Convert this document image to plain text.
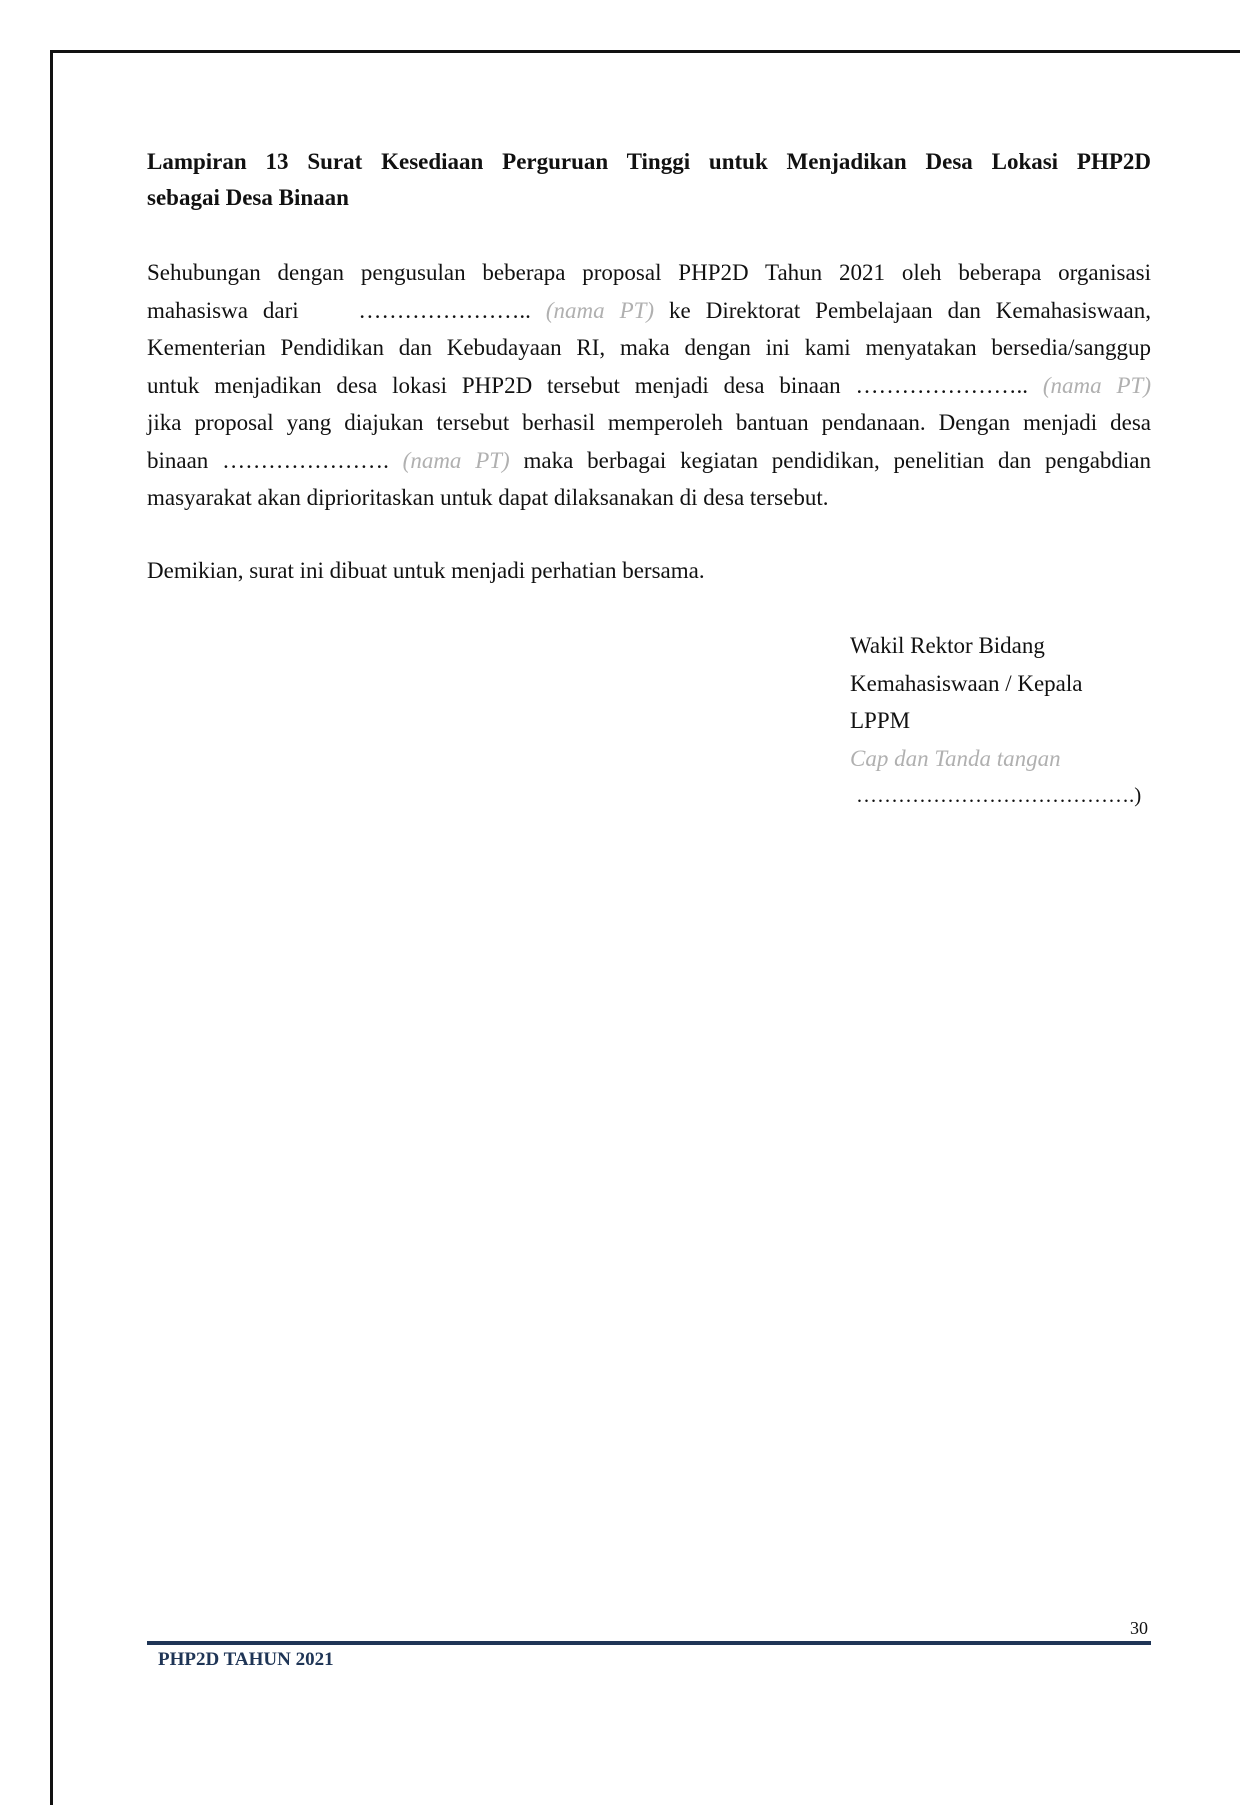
Lampiran 13 Surat Kesediaan Perguruan Tinggi untuk Menjadikan Desa Lokasi PHP2D
sebagai Desa Binaan
Sehubungan dengan pengusulan beberapa proposal PHP2D Tahun 2021 oleh beberapa organisasi
mahasiswa dari	………………….. (nama PT) ke Direktorat Pembelajaan dan Kemahasiswaan,
Kementerian Pendidikan dan Kebudayaan RI, maka dengan ini kami menyatakan bersedia/sanggup
untuk menjadikan desa lokasi PHP2D tersebut menjadi desa binaan ………………….. (nama PT)
jika proposal yang diajukan tersebut berhasil memperoleh bantuan pendanaan. Dengan menjadi desa
binaan …………………. (nama PT) maka berbagai kegiatan pendidikan, penelitian dan pengabdian
masyarakat akan diprioritaskan untuk dapat dilaksanakan di desa tersebut.

Demikian, surat ini dibuat untuk menjadi perhatian bersama.

Wakil Rektor Bidang
Kemahasiswaan / Kepala
LPPM
Cap dan Tanda tangan
………………………………….)
30
PHP2D TAHUN 2021
